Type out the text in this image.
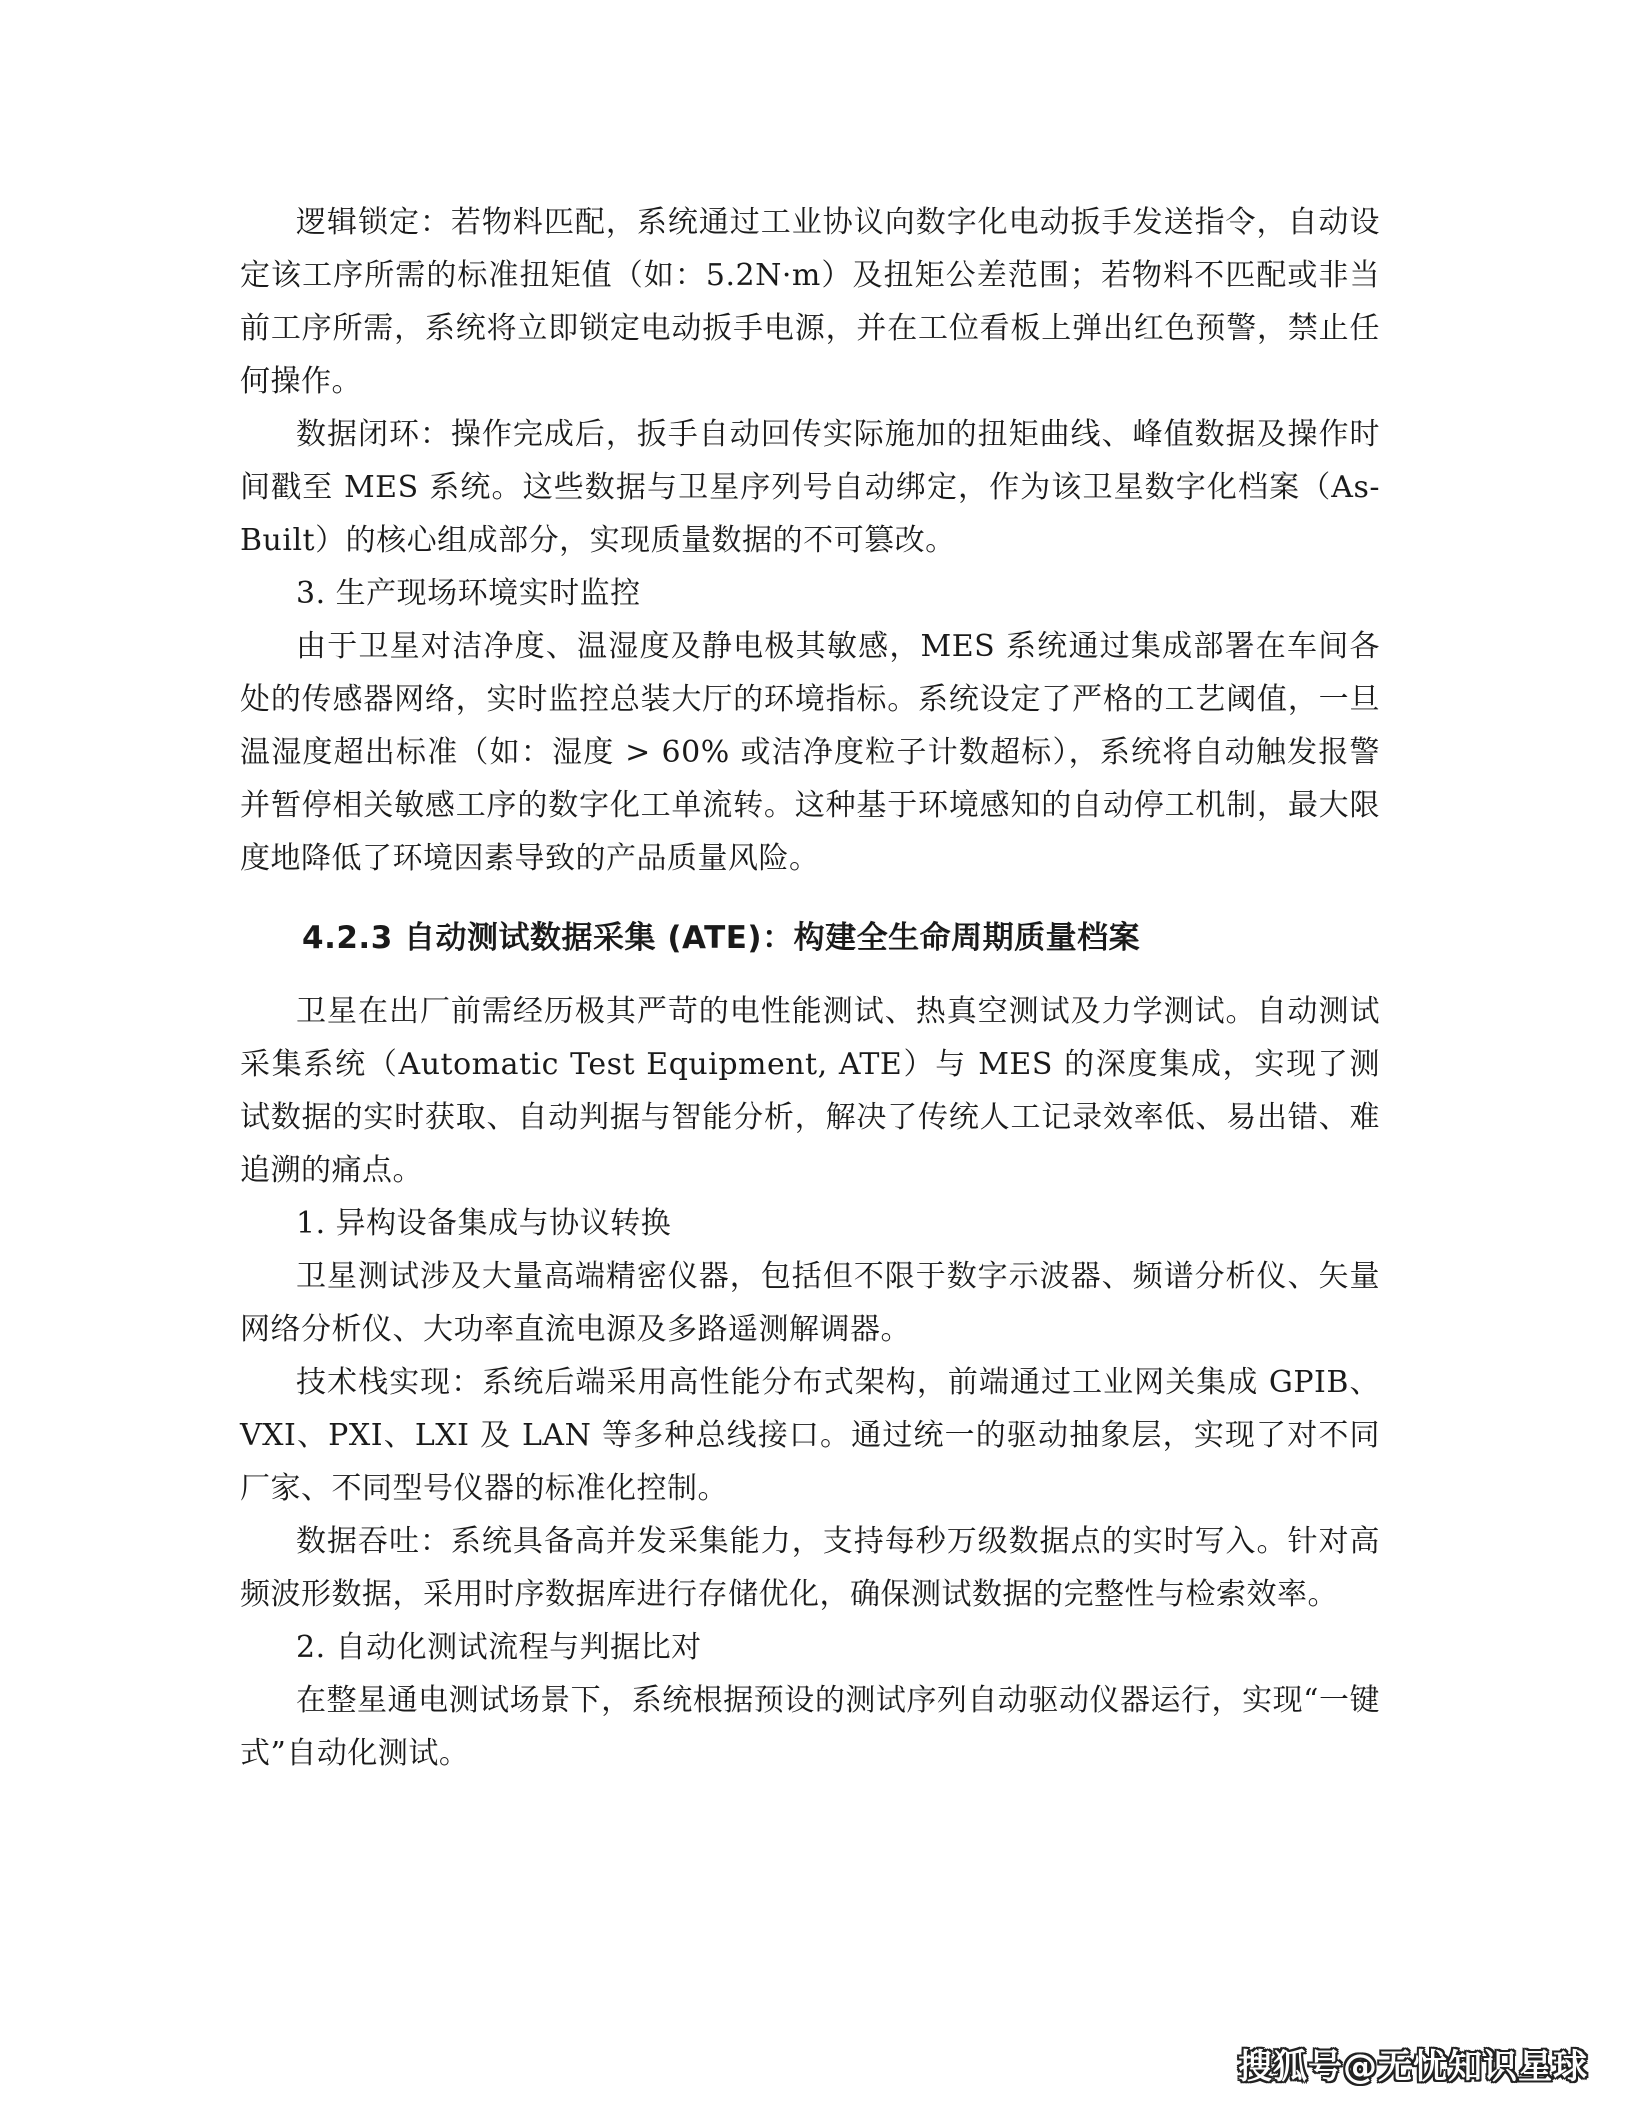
逻辑锁定：若物料匹配，系统通过工业协议向数字化电动扳手发送指令，自动设定该工序所需的标准扭矩值（如：5.2N·m）及扭矩公差范围；若物料不匹配或非当前工序所需，系统将立即锁定电动扳手电源，并在工位看板上弹出红色预警，禁止任何操作。

数据闭环：操作完成后，扳手自动回传实际施加的扭矩曲线、峰值数据及操作时间戳至 MES 系统。这些数据与卫星序列号自动绑定，作为该卫星数字化档案（As-Built）的核心组成部分，实现质量数据的不可篡改。

3. 生产现场环境实时监控

由于卫星对洁净度、温湿度及静电极其敏感，MES 系统通过集成部署在车间各处的传感器网络，实时监控总装大厅的环境指标。系统设定了严格的工艺阈值，一旦温湿度超出标准（如：湿度 > 60% 或洁净度粒子计数超标），系统将自动触发报警并暂停相关敏感工序的数字化工单流转。这种基于环境感知的自动停工机制，最大限度地降低了环境因素导致的产品质量风险。

4.2.3 自动测试数据采集 (ATE)：构建全生命周期质量档案

卫星在出厂前需经历极其严苛的电性能测试、热真空测试及力学测试。自动测试采集系统（Automatic Test Equipment, ATE）与 MES 的深度集成，实现了测试数据的实时获取、自动判据与智能分析，解决了传统人工记录效率低、易出错、难追溯的痛点。

1. 异构设备集成与协议转换

卫星测试涉及大量高端精密仪器，包括但不限于数字示波器、频谱分析仪、矢量网络分析仪、大功率直流电源及多路遥测解调器。

技术栈实现：系统后端采用高性能分布式架构，前端通过工业网关集成 GPIB、VXI、PXI、LXI 及 LAN 等多种总线接口。通过统一的驱动抽象层，实现了对不同厂家、不同型号仪器的标准化控制。

数据吞吐：系统具备高并发采集能力，支持每秒万级数据点的实时写入。针对高频波形数据，采用时序数据库进行存储优化，确保测试数据的完整性与检索效率。

2. 自动化测试流程与判据比对

在整星通电测试场景下，系统根据预设的测试序列自动驱动仪器运行，实现“一键式”自动化测试。

搜狐号@无忧知识星球
